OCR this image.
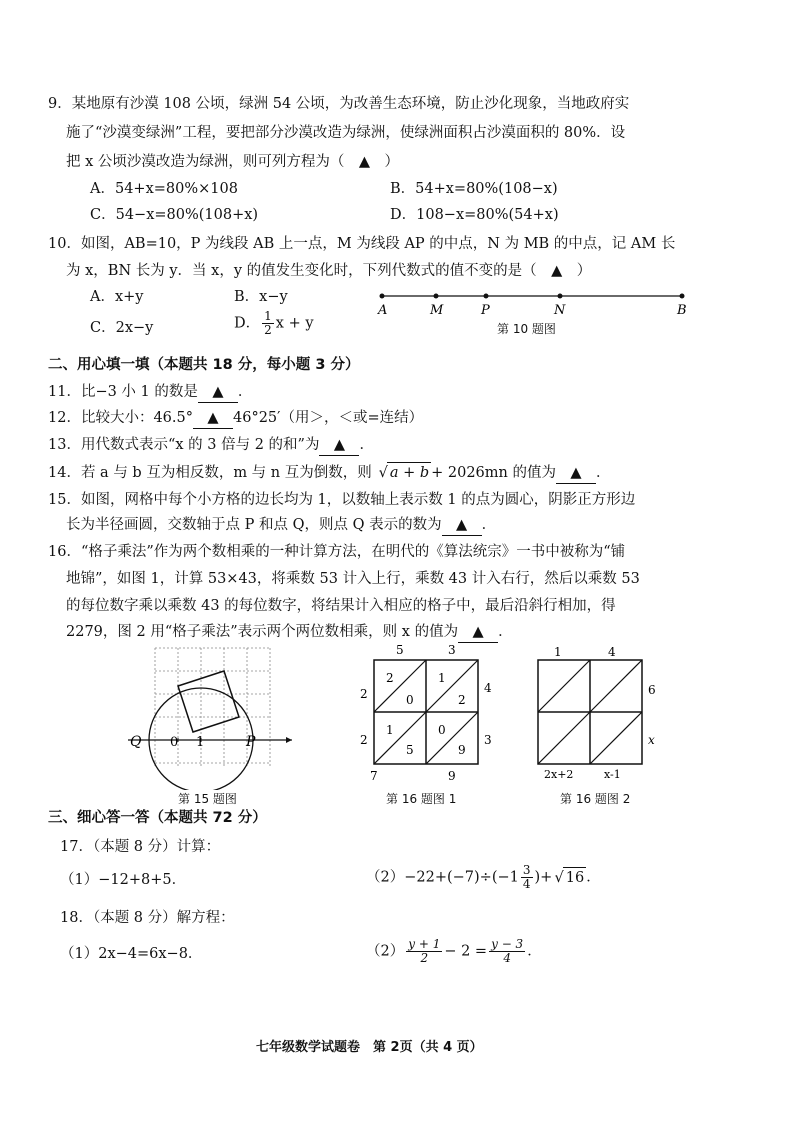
9．某地原有沙漠 108 公顷，绿洲 54 公顷，为改善生态环境，防止沙化现象，当地政府实
施了“沙漠变绿洲”工程，要把部分沙漠改造为绿洲，使绿洲面积占沙漠面积的 80%．设
把 x 公顷沙漠改造为绿洲，则可列方程为（　▲　）
A．54+x=80%×108	B．54+x=80%(108−x)
C．54−x=80%(108+x)	D．108−x=80%(54+x)
10．如图，AB=10，P 为线段 AB 上一点，M 为线段 AP 的中点，N 为 MB 的中点，记 AM 长
为 x，BN 长为 y．当 x，y 的值发生变化时，下列代数式的值不变的是（　▲　）
A．x+y	B．x−y
C．2x−y	D． $\frac{1}{2}$ x + y
A	M	P	N	B
第 10 题图
二、用心填一填（本题共 18 分，每小题 3 分）
11．比−3 小 1 的数是 ▲ ．
12．比较大小：46.5° ▲ 46°25′（用＞，＜或=连结）
13．用代数式表示“x 的 3 倍与 2 的和”为 ▲ ．
14．若 a 与 b 互为相反数，m 与 n 互为倒数，则 √ a + b + 2026mn 的值为 ▲ ．
15．如图，网格中每个小方格的边长均为 1，以数轴上表示数 1 的点为圆心，阴影正方形边
长为半径画圆，交数轴于点 P 和点 Q，则点 Q 表示的数为 ▲ ．
16．“格子乘法”作为两个数相乘的一种计算方法，在明代的《算法统宗》一书中被称为“铺
地锦”，如图 1，计算 53×43，将乘数 53 计入上行，乘数 43 计入右行，然后以乘数 53
的每位数字乘以乘数 43 的每位数字，将结果计入相应的格子中，最后沿斜行相加，得
2279，图 2 用“格子乘法”表示两个两位数相乘，则 x 的值为 ▲ ．
Q 0 1	P
第 15 题图
5	3
4
3
2
2
7	9
2
0
1
2
1	0
5	9
第 16 题图 1
1	4
6
x
2x+2	x-1
第 16 题图 2
三、细心答一答（本题共 72 分）
17．（本题 8 分）计算：
（1）−12+8+5．	$(2)-22+(-7)\div(-1 \frac{3}{4}$ )+ √ 16 ．
18．（本题 8 分）解方程：
（1）2x−4=6x−8．	$(2) \frac{y + 1}{2} - 2 = \frac{y - 3}{4}$ ．
七年级数学试题卷　第 2页（共 4 页）
